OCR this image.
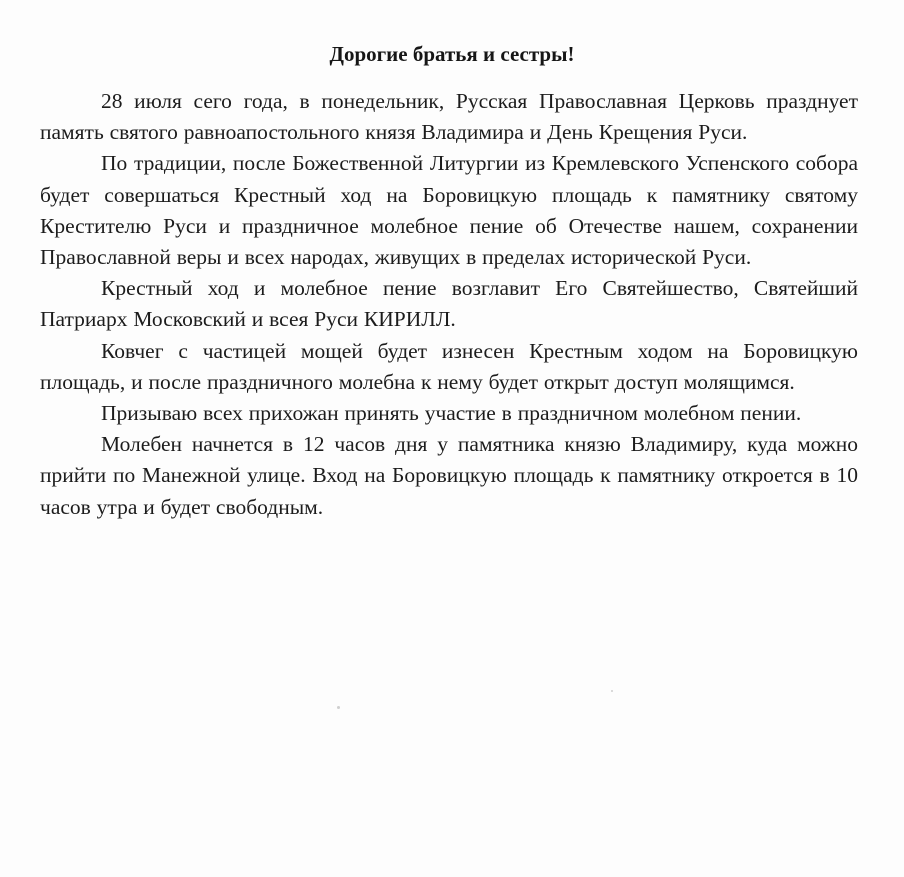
Дорогие братья и сестры!

28 июля сего года, в понедельник, Русская Православная Церковь празднует память святого равноапостольного князя Владимира и День Крещения Руси.

По традиции, после Божественной Литургии из Кремлевского Успенского собора будет совершаться Крестный ход на Боровицкую площадь к памятнику святому Крестителю Руси и праздничное молебное пение об Отечестве нашем, сохранении Православной веры и всех народах, живущих в пределах исторической Руси.

Крестный ход и молебное пение возглавит Его Святейшество, Святейший Патриарх Московский и всея Руси КИРИЛЛ.

Ковчег с частицей мощей будет изнесен Крестным ходом на Боровицкую площадь, и после праздничного молебна к нему будет открыт доступ молящимся.

Призываю всех прихожан принять участие в праздничном молебном пении.

Молебен начнется в 12 часов дня у памятника князю Владимиру, куда можно прийти по Манежной улице. Вход на Боровицкую площадь к памятнику откроется в 10 часов утра и будет свободным.
